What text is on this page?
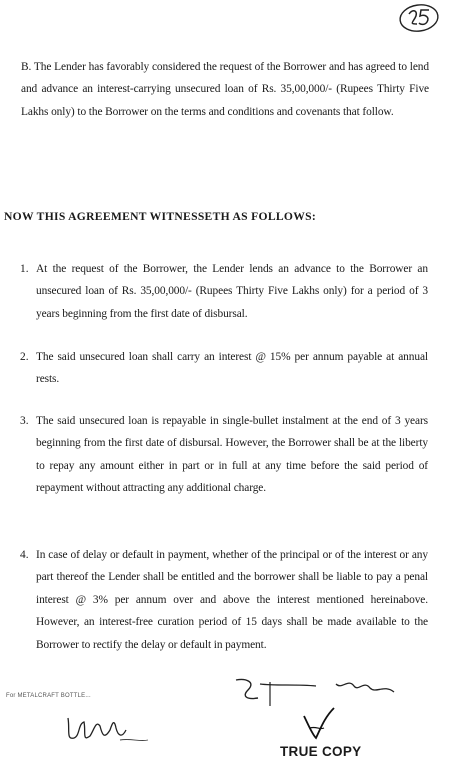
B. The Lender has favorably considered the request of the Borrower and has agreed to lend and advance an interest-carrying unsecured loan of Rs. 35,00,000/- (Rupees Thirty Five Lakhs only) to the Borrower on the terms and conditions and covenants that follow.
NOW THIS AGREEMENT WITNESSETH AS FOLLOWS:
1. At the request of the Borrower, the Lender lends an advance to the Borrower an unsecured loan of Rs. 35,00,000/- (Rupees Thirty Five Lakhs only) for a period of 3 years beginning from the first date of disbursal.
2. The said unsecured loan shall carry an interest @ 15% per annum payable at annual rests.
3. The said unsecured loan is repayable in single-bullet instalment at the end of 3 years beginning from the first date of disbursal. However, the Borrower shall be at the liberty to repay any amount either in part or in full at any time before the said period of repayment without attracting any additional charge.
4. In case of delay or default in payment, whether of the principal or of the interest or any part thereof the Lender shall be entitled and the borrower shall be liable to pay a penal interest @ 3% per annum over and above the interest mentioned hereinabove. However, an interest-free curation period of 15 days shall be made available to the Borrower to rectify the delay or default in payment.
For METALCRAFT BOTTLE...
TRUE COPY
